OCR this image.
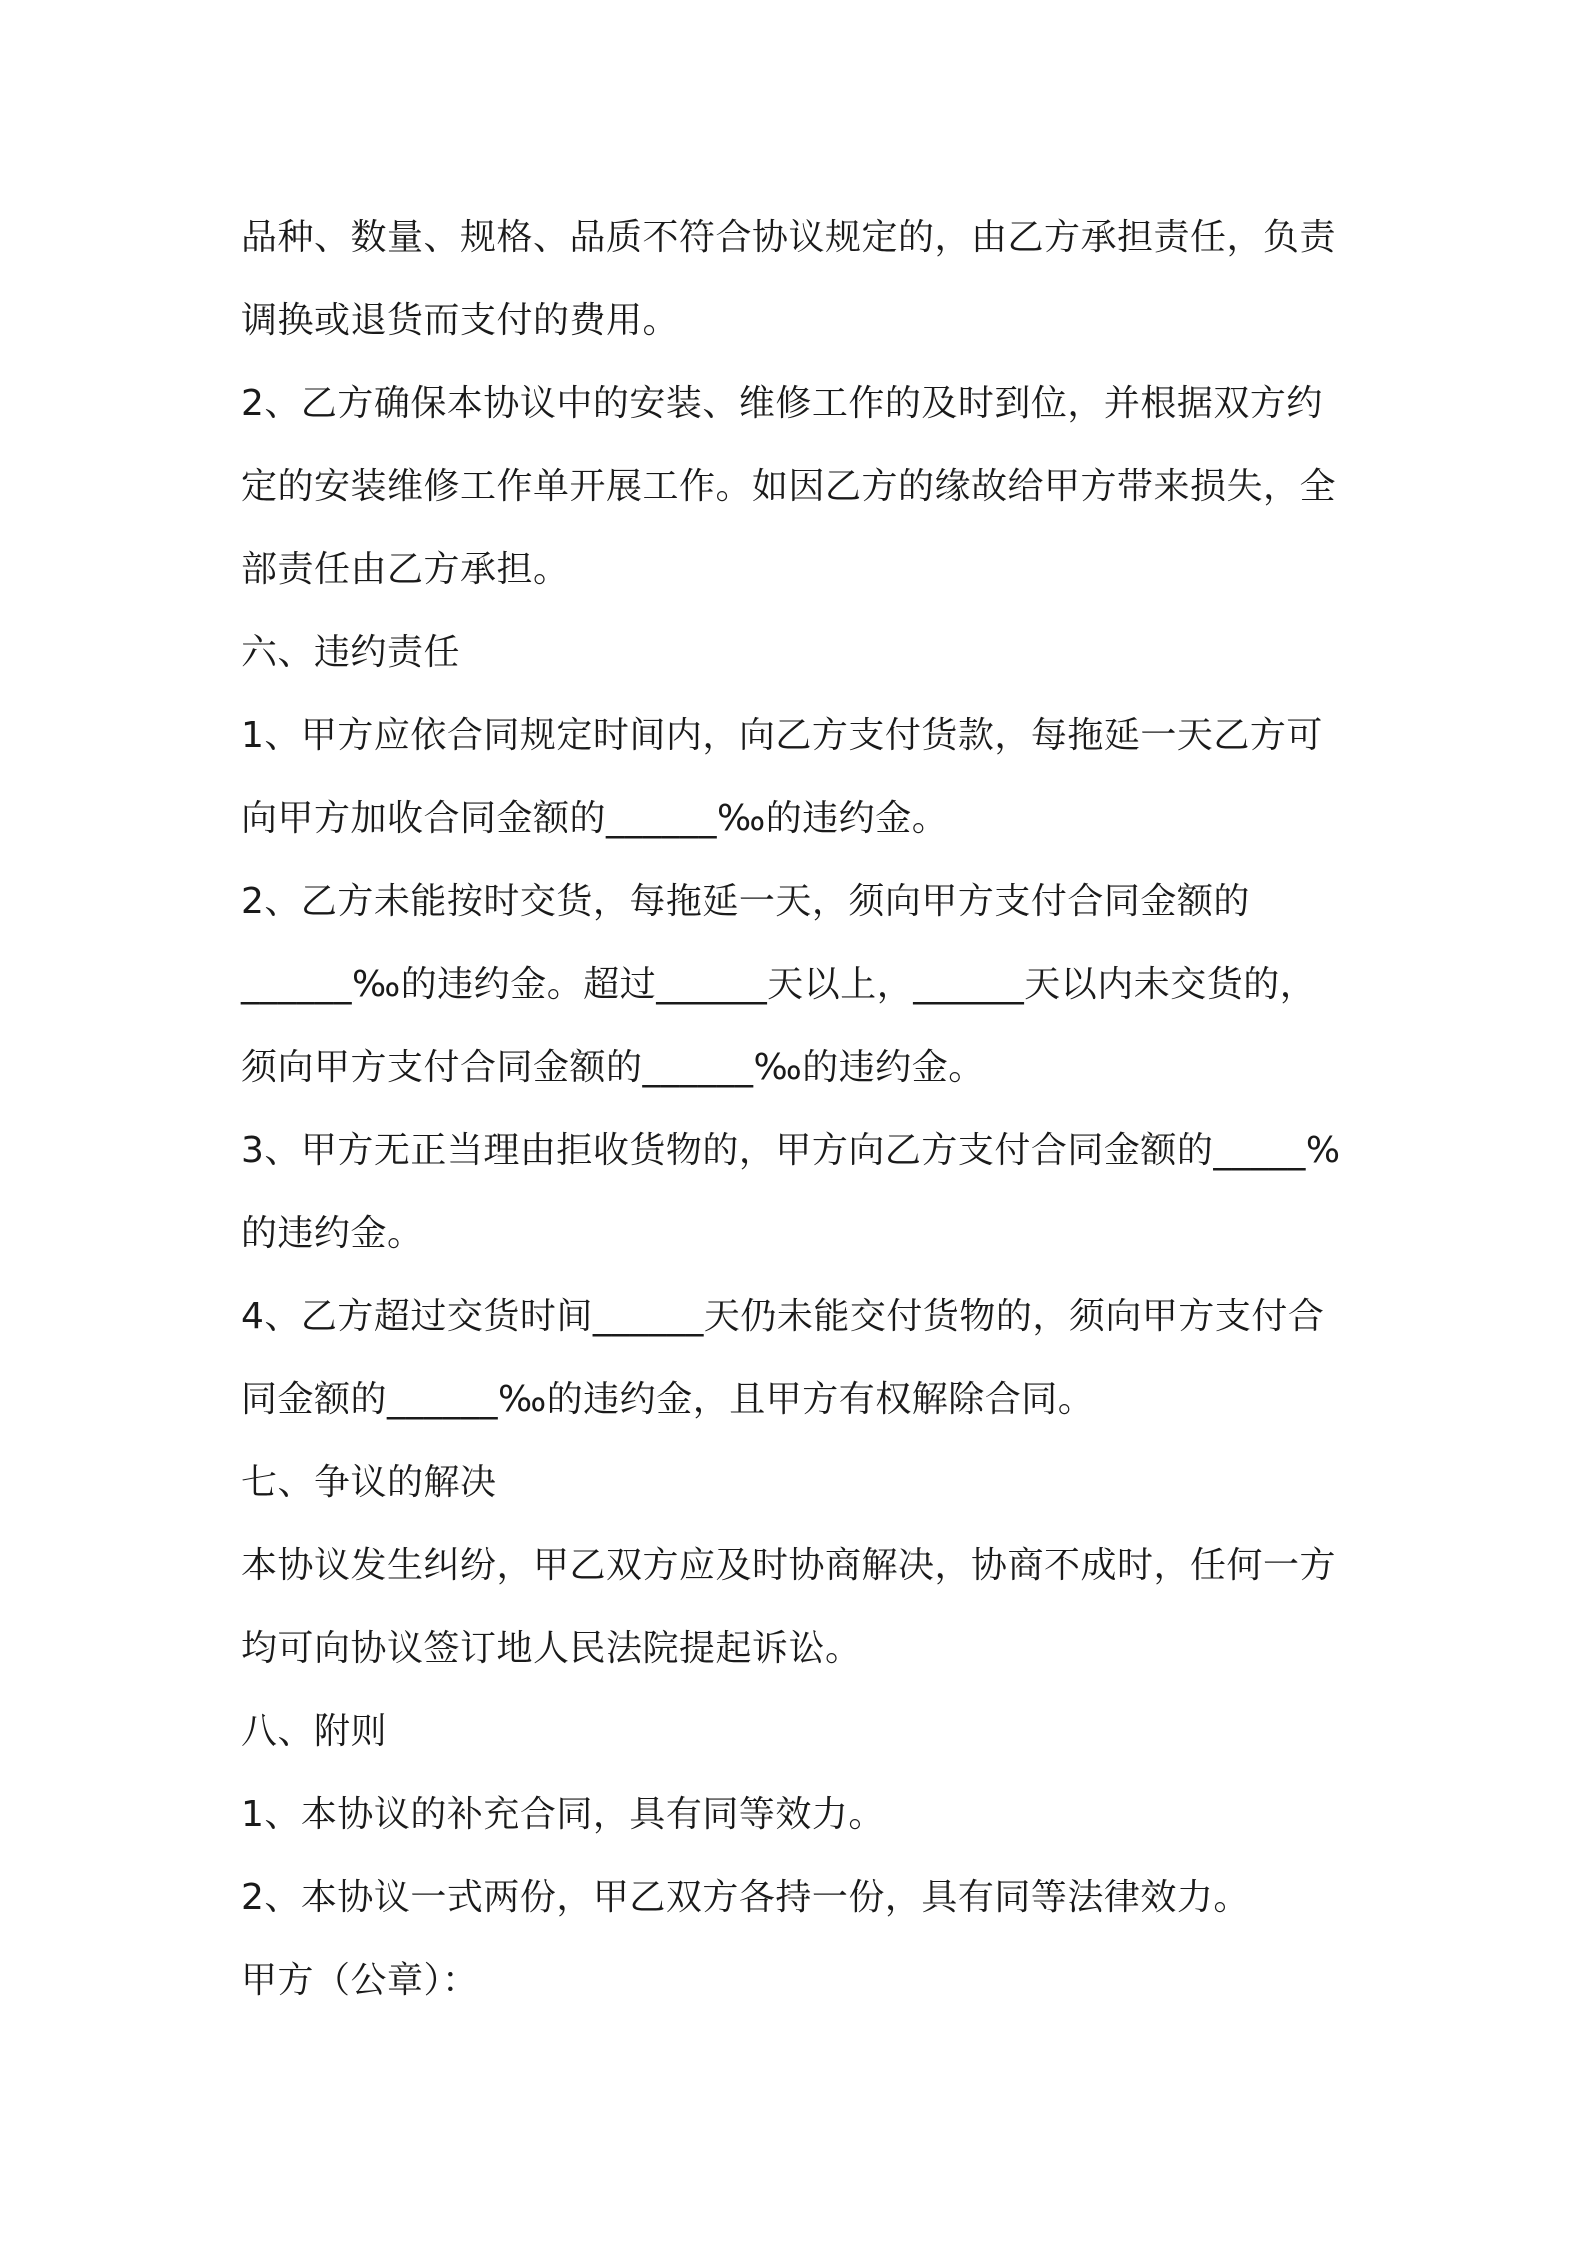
品种、数量、规格、品质不符合协议规定的，由乙方承担责任，负责
调换或退货而支付的费用。
2、乙方确保本协议中的安装、维修工作的及时到位，并根据双方约
定的安装维修工作单开展工作。如因乙方的缘故给甲方带来损失，全
部责任由乙方承担。
六、违约责任
1、甲方应依合同规定时间内，向乙方支付货款，每拖延一天乙方可
向甲方加收合同金额的______‰的违约金。
2、乙方未能按时交货，每拖延一天，须向甲方支付合同金额的
______‰的违约金。超过______天以上，______天以内未交货的，
须向甲方支付合同金额的______‰的违约金。
3、甲方无正当理由拒收货物的，甲方向乙方支付合同金额的_____%
的违约金。
4、乙方超过交货时间______天仍未能交付货物的，须向甲方支付合
同金额的______‰的违约金，且甲方有权解除合同。
七、争议的解决
本协议发生纠纷，甲乙双方应及时协商解决，协商不成时，任何一方
均可向协议签订地人民法院提起诉讼。
八、附则
1、本协议的补充合同，具有同等效力。
2、本协议一式两份，甲乙双方各持一份，具有同等法律效力。
甲方（公章）：
